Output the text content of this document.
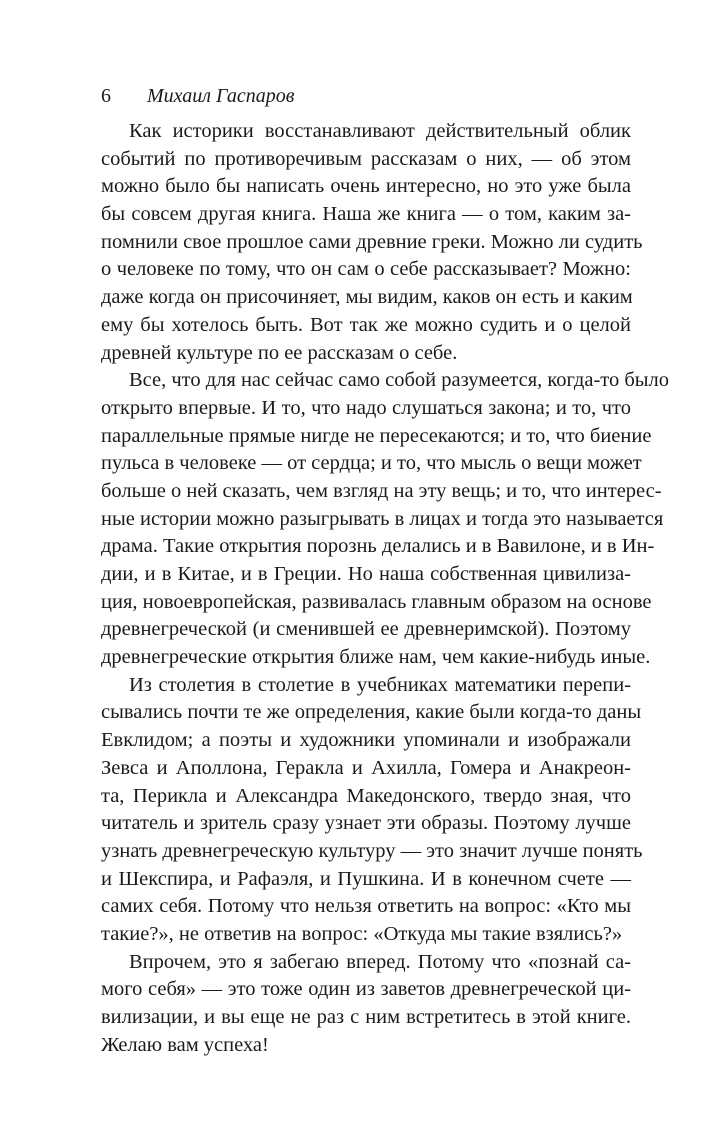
6 Михаил Гаспаров
Как историки восстанавливают действительный облик
событий по противоречивым рассказам о них, — об этом
можно было бы написать очень интересно, но это уже была
бы совсем другая книга. Наша же книга — о том, каким за-
помнили свое прошлое сами древние греки. Можно ли судить
о человеке по тому, что он сам о себе рассказывает? Можно:
даже когда он присочиняет, мы видим, каков он есть и каким
ему бы хотелось быть. Вот так же можно судить и о целой
древней культуре по ее рассказам о себе.
Все, что для нас сейчас само собой разумеется, когда-то было
открыто впервые. И то, что надо слушаться закона; и то, что
параллельные прямые нигде не пересекаются; и то, что биение
пульса в человеке — от сердца; и то, что мысль о вещи может
больше о ней сказать, чем взгляд на эту вещь; и то, что интерес-
ные истории можно разыгрывать в лицах и тогда это называется
драма. Такие открытия порознь делались и в Вавилоне, и в Ин-
дии, и в Китае, и в Греции. Но наша собственная цивилиза-
ция, новоевропейская, развивалась главным образом на основе
древнегреческой (и сменившей ее древнеримской). Поэтому
древнегреческие открытия ближе нам, чем какие-нибудь иные.
Из столетия в столетие в учебниках математики перепи-
сывались почти те же определения, какие были когда-то даны
Евклидом; а поэты и художники упоминали и изображали
Зевса и Аполлона, Геракла и Ахилла, Гомера и Анакреон-
та, Перикла и Александра Македонского, твердо зная, что
читатель и зритель сразу узнает эти образы. Поэтому лучше
узнать древнегреческую культуру — это значит лучше понять
и Шекспира, и Рафаэля, и Пушкина. И в конечном счете —
самих себя. Потому что нельзя ответить на вопрос: «Кто мы
такие?», не ответив на вопрос: «Откуда мы такие взялись?»
Впрочем, это я забегаю вперед. Потому что «познай са-
мого себя» — это тоже один из заветов древнегреческой ци-
вилизации, и вы еще не раз с ним встретитесь в этой книге.
Желаю вам успеха!
